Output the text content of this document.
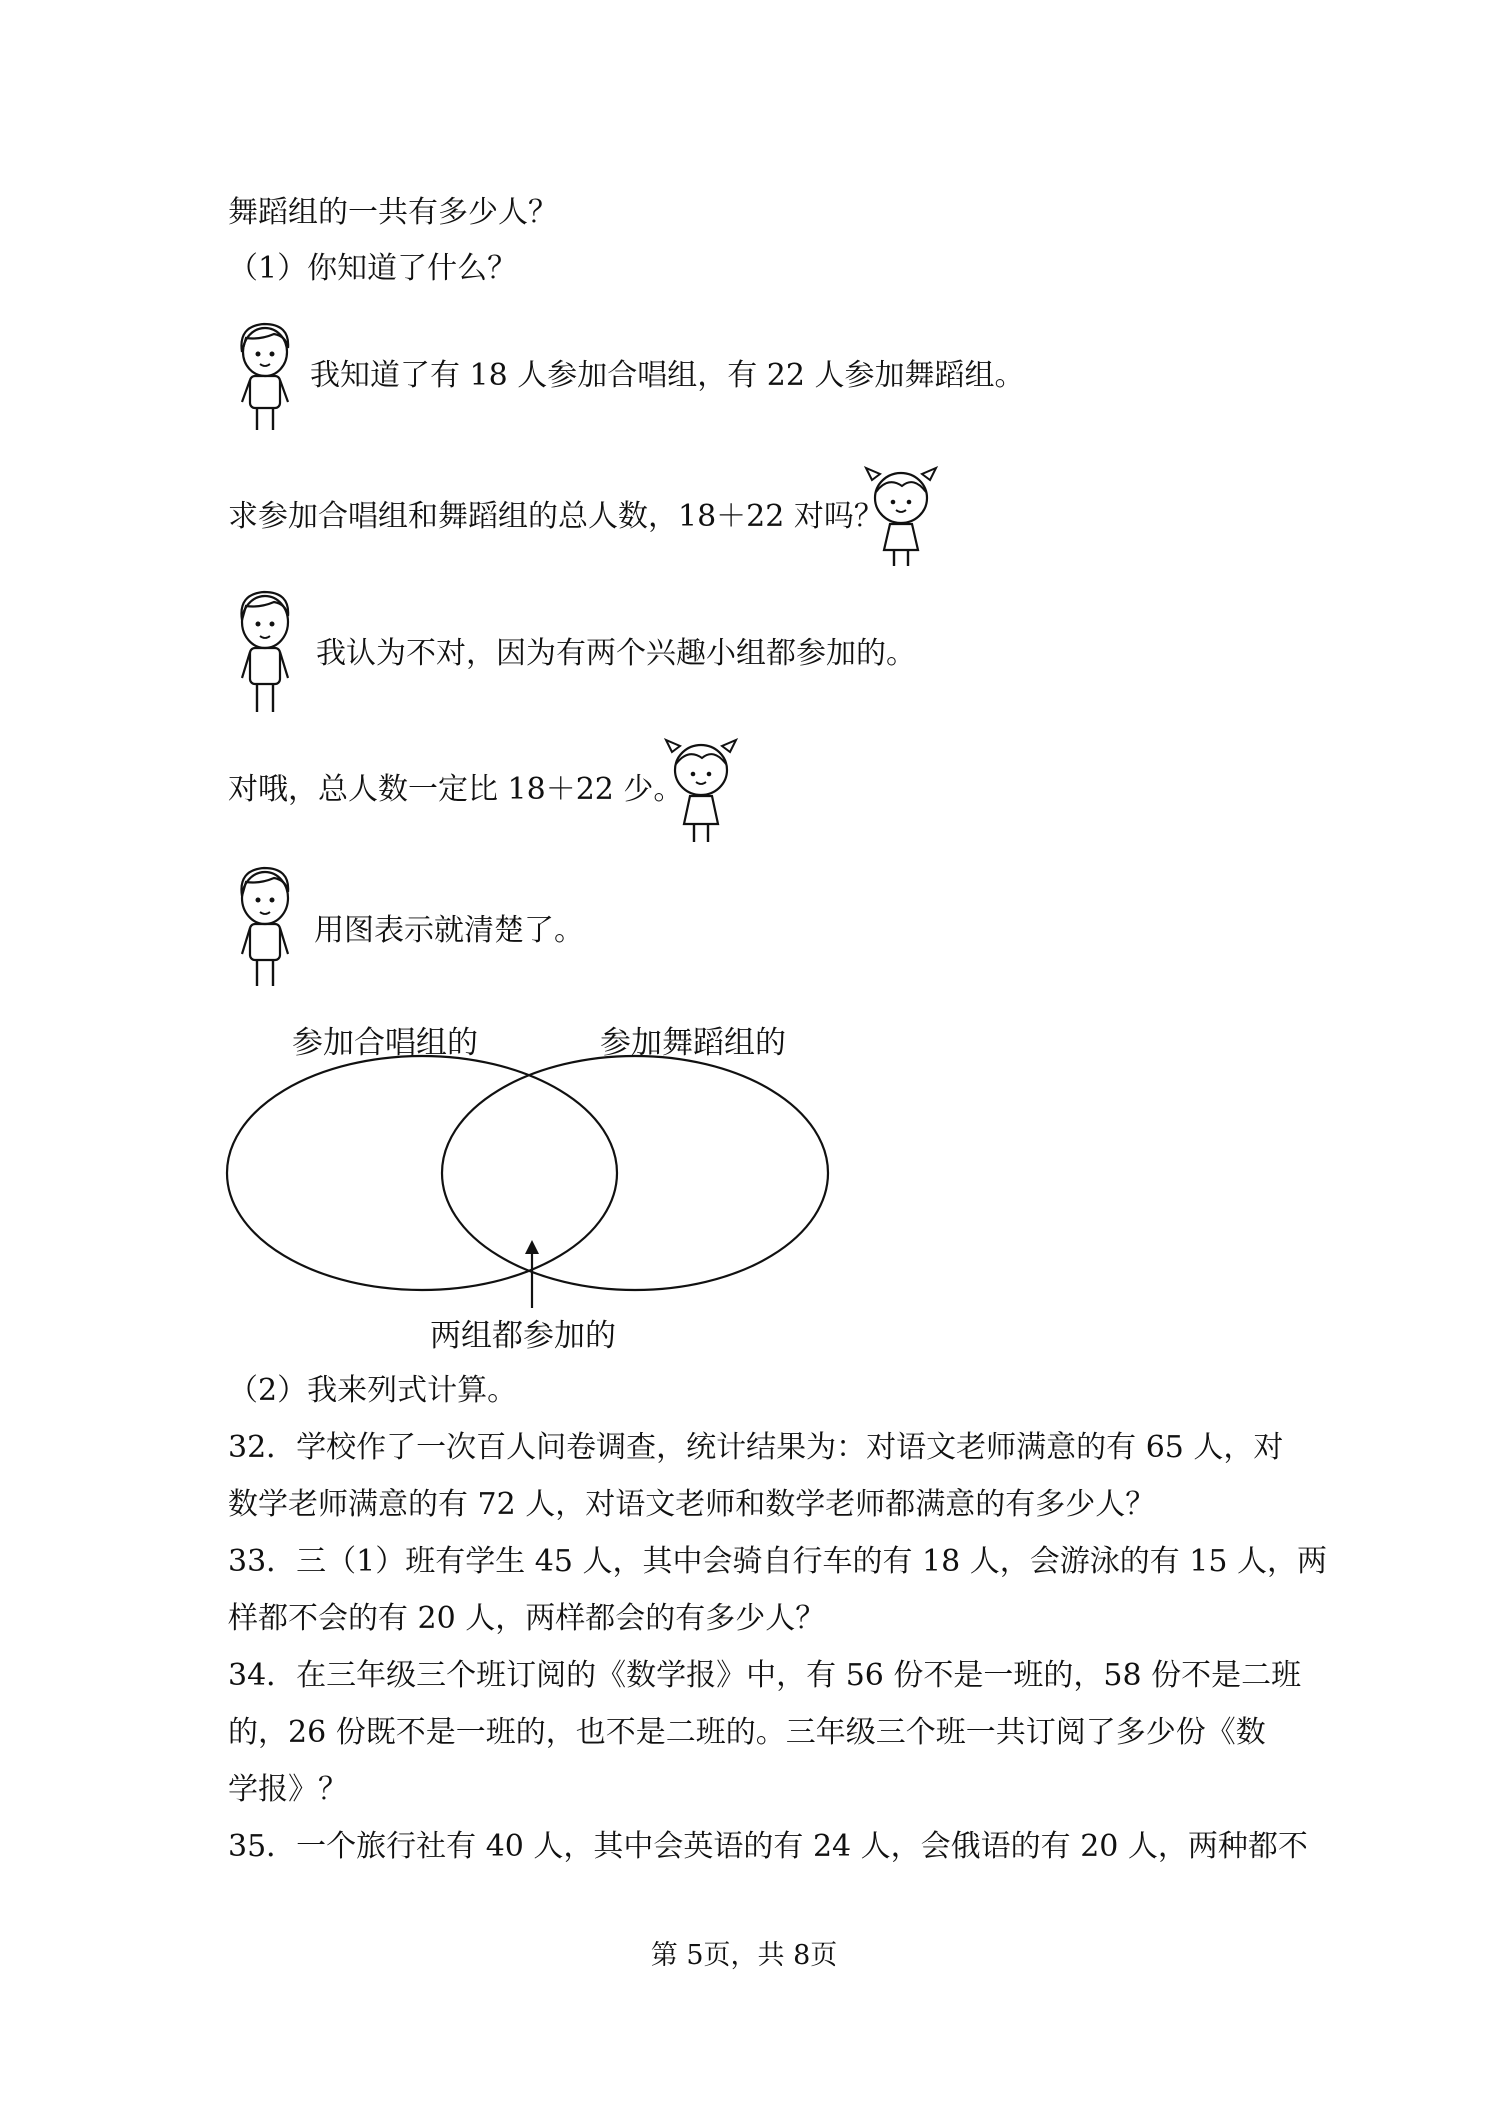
舞蹈组的一共有多少人？
（1）你知道了什么？
我知道了有 18 人参加合唱组，有 22 人参加舞蹈组。
求参加合唱组和舞蹈组的总人数，18＋22 对吗？
我认为不对，因为有两个兴趣小组都参加的。
对哦，总人数一定比 18＋22 少。
用图表示就清楚了。
参加合唱组的	参加舞蹈组的
两组都参加的
（2）我来列式计算。
32．学校作了一次百人问卷调查，统计结果为：对语文老师满意的有 65 人，对
数学老师满意的有 72 人，对语文老师和数学老师都满意的有多少人？
33．三（1）班有学生 45 人，其中会骑自行车的有 18 人，会游泳的有 15 人，两
样都不会的有 20 人，两样都会的有多少人？
34．在三年级三个班订阅的《数学报》中，有 56 份不是一班的，58 份不是二班
的，26 份既不是一班的，也不是二班的。三年级三个班一共订阅了多少份《数
学报》？
35．一个旅行社有 40 人，其中会英语的有 24 人，会俄语的有 20 人，两种都不
第 5页，共 8页
